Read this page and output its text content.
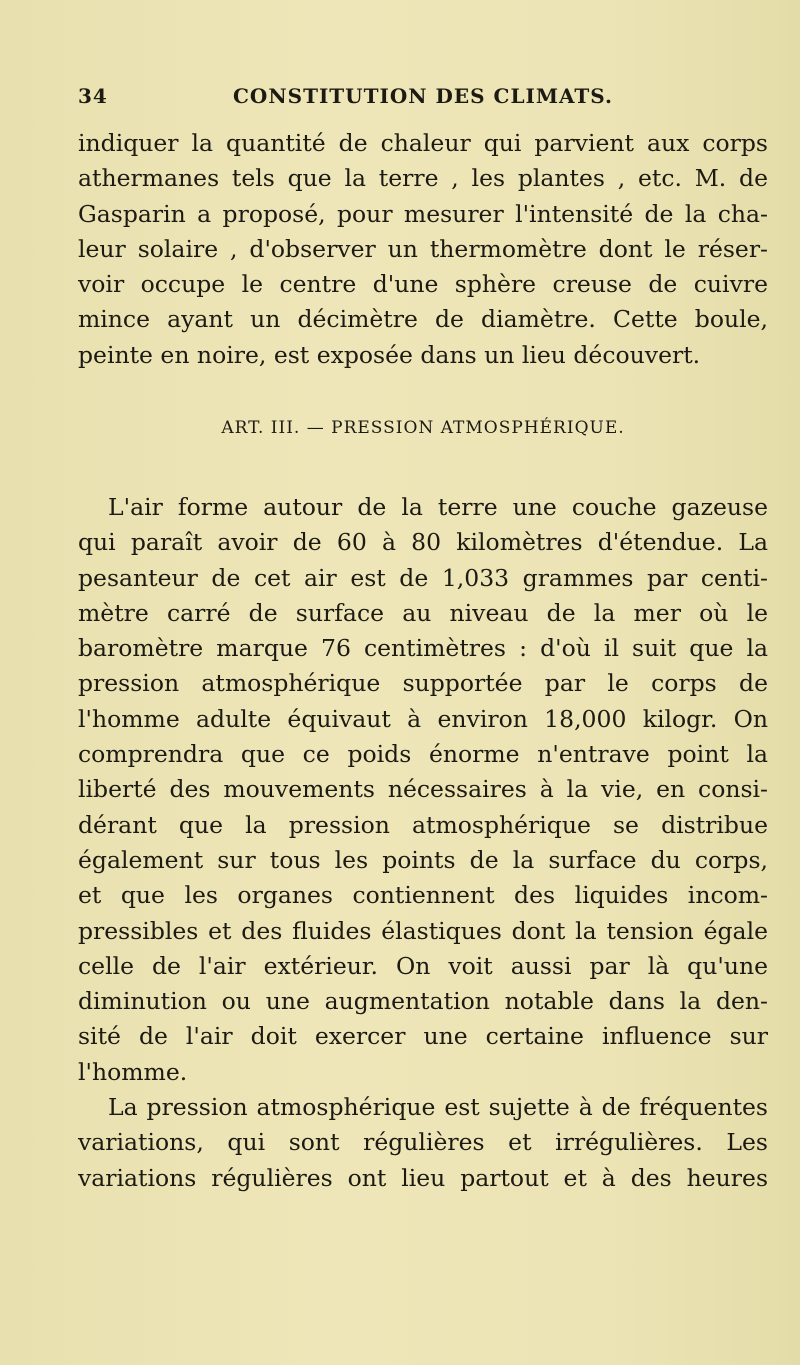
34	CONSTITUTION DES CLIMATS.

indiquer la quantité de chaleur qui parvient aux corps
athermanes tels que la terre , les plantes , etc. M. de
Gasparin a proposé, pour mesurer l'intensité de la cha-
leur solaire , d'observer un thermomètre dont le réser-
voir occupe le centre d'une sphère creuse de cuivre
mince ayant un décimètre de diamètre. Cette boule,
peinte en noire, est exposée dans un lieu découvert.

ART. III. — PRESSION ATMOSPHÉRIQUE.

L'air forme autour de la terre une couche gazeuse
qui paraît avoir de 60 à 80 kilomètres d'étendue. La
pesanteur de cet air est de 1,033 grammes par centi-
mètre carré de surface au niveau de la mer où le
baromètre marque 76 centimètres : d'où il suit que la
pression atmosphérique supportée par le corps de
l'homme adulte équivaut à environ 18,000 kilogr. On
comprendra que ce poids énorme n'entrave point la
liberté des mouvements nécessaires à la vie, en consi-
dérant que la pression atmosphérique se distribue
également sur tous les points de la surface du corps,
et que les organes contiennent des liquides incom-
pressibles et des fluides élastiques dont la tension égale
celle de l'air extérieur. On voit aussi par là qu'une
diminution ou une augmentation notable dans la den-
sité de l'air doit exercer une certaine influence sur
l'homme.

La pression atmosphérique est sujette à de fréquentes
variations, qui sont régulières et irrégulières. Les
variations régulières ont lieu partout et à des heures
